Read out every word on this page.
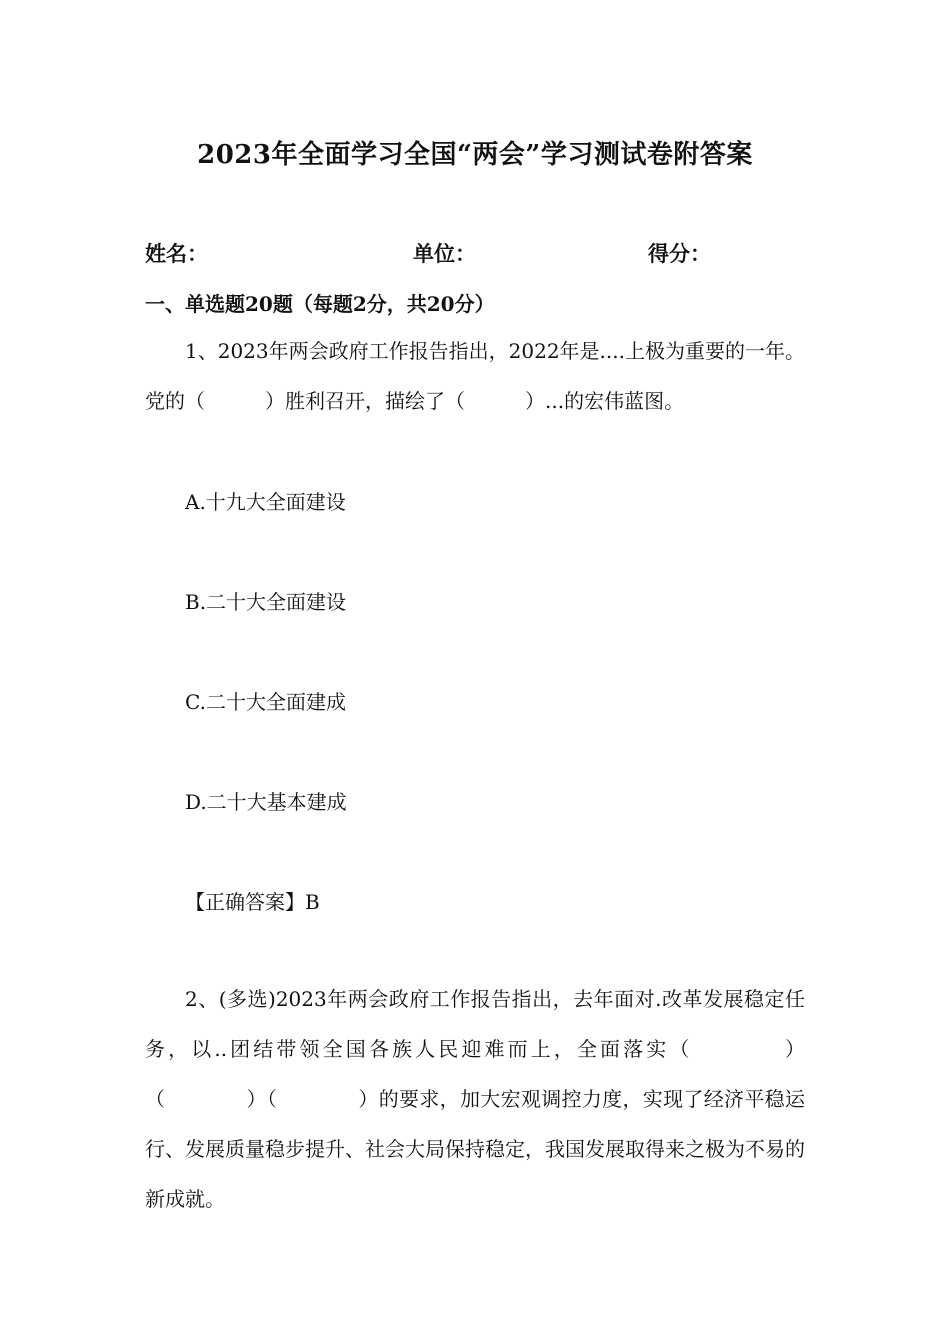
2023年全面学习全国“两会”学习测试卷附答案
姓名：	单位：	得分：
一、单选题20题（每题2分，共20分）
1、2023年两会政府工作报告指出，2022年是....上极为重要的一年。党的（　　　）胜利召开，描绘了（　　　）...的宏伟蓝图。
A.十九大全面建设
B.二十大全面建设
C.二十大全面建成
D.二十大基本建成
【正确答案】B
2、(多选)2023年两会政府工作报告指出，去年面对.改革发展稳定任务，以..团结带领全国各族人民迎难而上，全面落实（　　　　）（　　　　）（　　　　）的要求，加大宏观调控力度，实现了经济平稳运行、发展质量稳步提升、社会大局保持稳定，我国发展取得来之极为不易的新成就。
